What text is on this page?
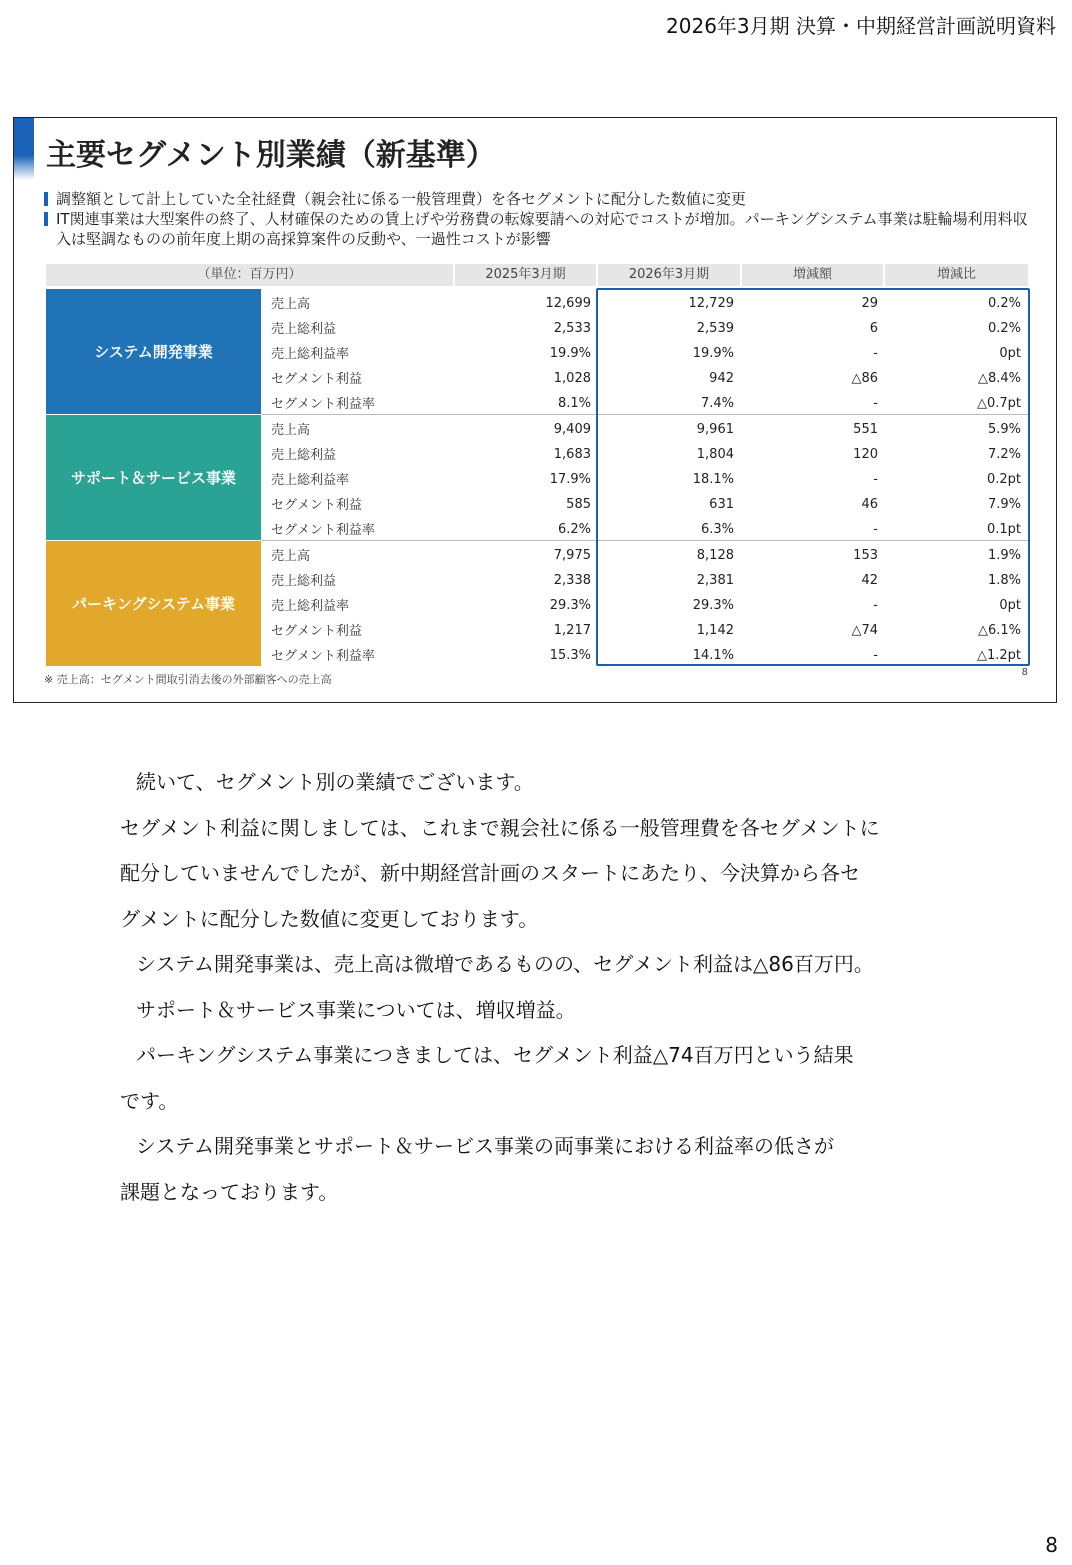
2026年3月期 決算・中期経営計画説明資料
主要セグメント別業績（新基準）
調整額として計上していた全社経費（親会社に係る一般管理費）を各セグメントに配分した数値に変更
IT関連事業は大型案件の終了、人材確保のための賃上げや労務費の転嫁要請への対応でコストが増加。パーキングシステム事業は駐輪場利用料収入は堅調なものの前年度上期の高採算案件の反動や、一過性コストが影響
（単位：百万円）	2025年3月期	2026年3月期	増減額	増減比
システム開発事業
売上高	12,699	12,729	29	0.2%
売上総利益	2,533	2,539	6	0.2%
売上総利益率	19.9%	19.9%	-	0pt
セグメント利益	1,028	942	△86	△8.4%
セグメント利益率	8.1%	7.4%	-	△0.7pt
サポート＆サービス事業
売上高	9,409	9,961	551	5.9%
売上総利益	1,683	1,804	120	7.2%
売上総利益率	17.9%	18.1%	-	0.2pt
セグメント利益	585	631	46	7.9%
セグメント利益率	6.2%	6.3%	-	0.1pt
パーキングシステム事業
売上高	7,975	8,128	153	1.9%
売上総利益	2,338	2,381	42	1.8%
売上総利益率	29.3%	29.3%	-	0pt
セグメント利益	1,217	1,142	△74	△6.1%
セグメント利益率	15.3%	14.1%	-	△1.2pt
※ 売上高：セグメント間取引消去後の外部顧客への売上高
8

続いて、セグメント別の業績でございます。

セグメント利益に関しましては、これまで親会社に係る一般管理費を各セグメントに

配分していませんでしたが、新中期経営計画のスタートにあたり、今決算から各セ

グメントに配分した数値に変更しております。

システム開発事業は、売上高は微増であるものの、セグメント利益は△86百万円。

サポート＆サービス事業については、増収増益。

パーキングシステム事業につきましては、セグメント利益△74百万円という結果

です。

システム開発事業とサポート＆サービス事業の両事業における利益率の低さが

課題となっております。

8
